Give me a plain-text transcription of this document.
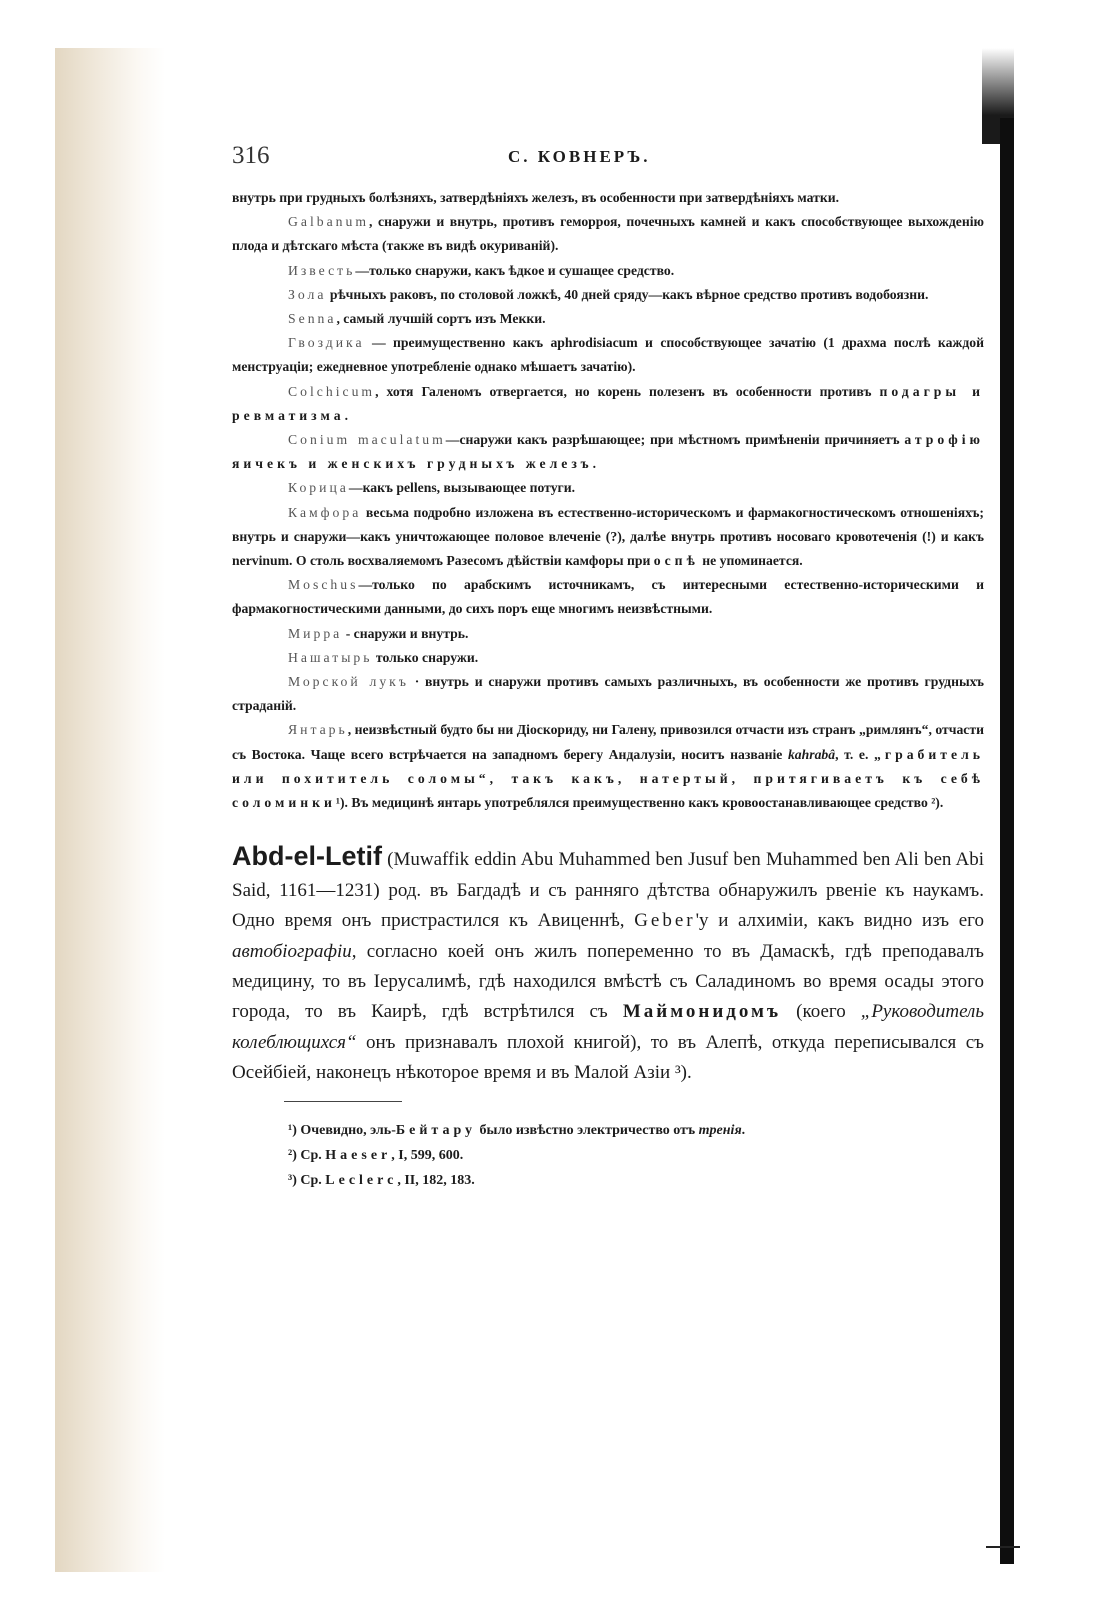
316	С. КОВНЕРЪ.

внутрь при грудныхъ болѣзняхъ, затвердѣніяхъ железъ, въ особенности при затвердѣніяхъ матки.

Galbanum, снаружи и внутрь, противъ геморроя, почечныхъ камней и какъ способствующее выхожденію плода и дѣтскаго мѣста (также въ видѣ окуриваній).

Известь—только снаружи, какъ ѣдкое и сушащее средство.

Зола рѣчныхъ раковъ, по столовой ложкѣ, 40 дней сряду—какъ вѣрное средство противъ водобоязни.

Senna, самый лучшій сортъ изъ Мекки.

Гвоздика — преимущественно какъ aphrodisiacum и способствующее зачатію (1 драхма послѣ каждой менструаціи; ежедневное употребленіе однако мѣшаетъ зачатію).

Colchicum, хотя Галеномъ отвергается, но корень полезенъ въ особенности противъ подагры и ревматизма.

Conium maculatum—снаружи какъ разрѣшающее; при мѣстномъ примѣненіи причиняетъ атрофію яичекъ и женскихъ грудныхъ железъ.

Корица—какъ pellens, вызывающее потуги.

Камфора весьма подробно изложена въ естественно-историческомъ и фармакогностическомъ отношеніяхъ; внутрь и снаружи—какъ уничтожающее половое влеченіе (?), далѣе внутрь противъ носоваго кровотеченія (!) и какъ nervinum. О столь восхваляемомъ Разесомъ дѣйствіи камфоры при оспѣ не упоминается.

Moschus—только по арабскимъ источникамъ, съ интересными естественно-историческими и фармакогностическими данными, до сихъ поръ еще многимъ неизвѣстными.

Мирра - снаружи и внутрь.

Нашатырь только снаружи.

Морской лукъ · внутрь и снаружи противъ самыхъ различныхъ, въ особенности же противъ грудныхъ страданій.

Янтарь, неизвѣстный будто бы ни Діоскориду, ни Галену, привозился отчасти изъ странъ „римлянъ“, отчасти съ Востока. Чаще всего встрѣчается на западномъ берегу Андалузіи, носитъ названіе kahrabâ, т. е. „грабитель или похититель соломы“, такъ какъ, натертый, притягиваетъ къ себѣ соломинки¹). Въ медицинѣ янтарь употреблялся преимущественно какъ кровоостанавливающее средство ²).

Abd-el-Letif (Muwaffik eddin Abu Muhammed ben Jusuf ben Muhammed ben Ali ben Abi Said, 1161—1231) род. въ Багдадѣ и съ ранняго дѣтства обнаружилъ рвеніе къ наукамъ. Одно время онъ пристрастился къ Авиценнѣ, Geber'у и алхиміи, какъ видно изъ его автобіографіи, согласно коей онъ жилъ попеременно то въ Дамаскѣ, гдѣ преподавалъ медицину, то въ Іерусалимѣ, гдѣ находился вмѣстѣ съ Саладиномъ во время осады этого города, то въ Каирѣ, гдѣ встрѣтился съ Маймонидомъ (коего „Руководитель колеблющихся“ онъ признавалъ плохой книгой), то въ Алепѣ, откуда переписывался съ Осейбіей, наконецъ нѣкоторое время и въ Малой Азіи ³).

¹) Очевидно, эль-Бейтару было извѣстно электричество отъ тренія.

²) Ср. Haeser, I, 599, 600.

³) Ср. Leclerc, II, 182, 183.
